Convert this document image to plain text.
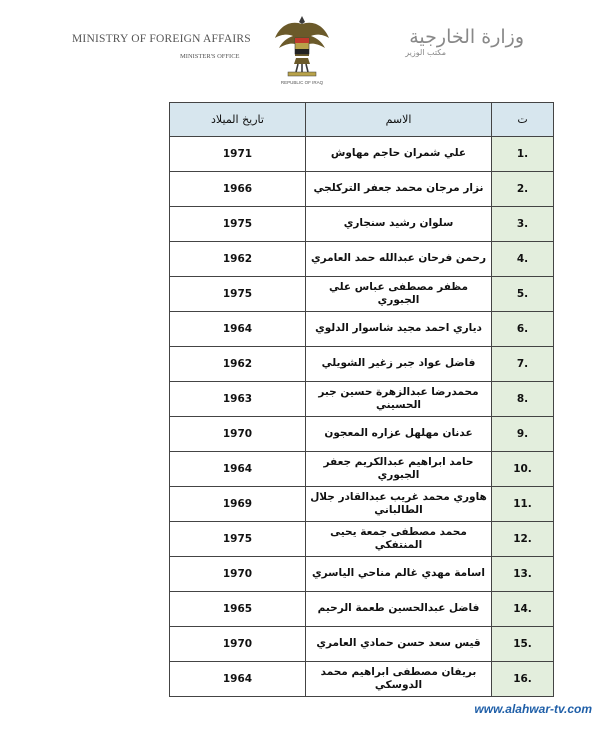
MINISTRY OF FOREIGN AFFAIRS
MINISTER'S OFFICE
REPUBLIC OF IRAQ
وزارة الخارجية
مكتب الوزير
ت	الاسم	تاريخ الميلاد

1.	علي شمران حاجم مهاوش	1971

2.	نزار مرجان محمد جعفر التركلجي	1966

3.	سلوان رشيد سنجاري	1975

4.	رحمن فرحان عبدالله حمد العامري	1962

5.	مظفر مصطفى عباس علي الجبوري	1975

6.	دياري احمد مجيد شاسوار الدلوي	1964

7.	فاضل عواد جبر زغير الشويلي	1962

8.	محمدرضا عبدالزهرة حسين جبر الحسيني	1963

9.	عدنان مهلهل عزاره المعجون	1970

10.	حامد ابراهيم عبدالكريم جعفر الجبوري	1964

11.	هاوري محمد غريب عبدالقادر جلال الطالباني	1969

12.	محمد مصطفى جمعة يحيى المنتفكي	1975

13.	اسامة مهدي غالم مناحي الياسري	1970

14.	فاضل عبدالحسين طعمة الرحيم	1965

15.	قيس سعد حسن حمادي العامري	1970

16.	بريفان مصطفى ابراهيم محمد الدوسكي	1964
www.alahwar-tv.com
